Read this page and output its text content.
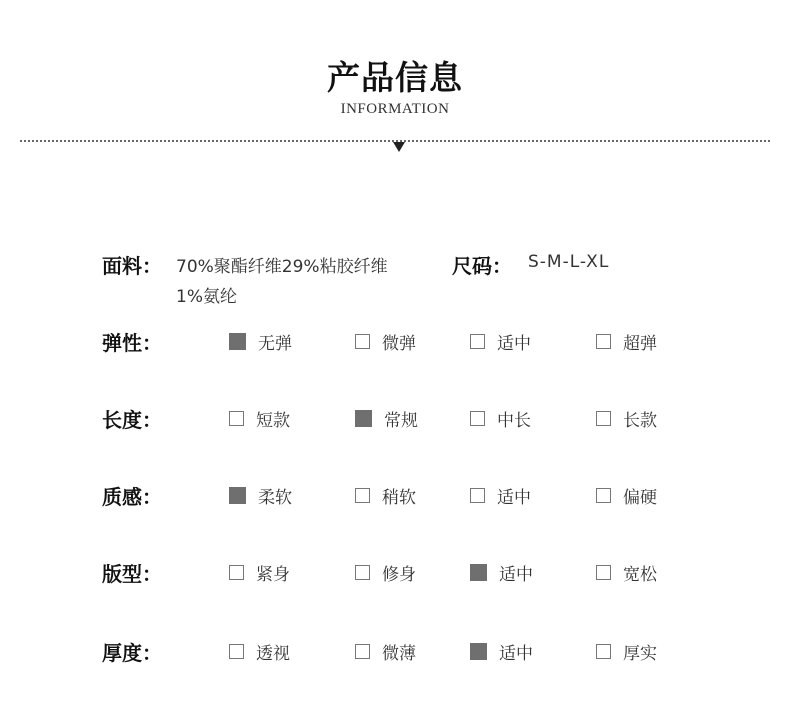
产品信息
INFORMATION
面料： 70%聚酯纤维29%粘胶纤维
1%氨纶
尺码： S-M-L-XL
弹性：	无弹	微弹	适中	超弹
长度：	短款	常规	中长	长款
质感：	柔软	稍软	适中	偏硬
版型：	紧身	修身	适中	宽松
厚度：	透视	微薄	适中	厚实
